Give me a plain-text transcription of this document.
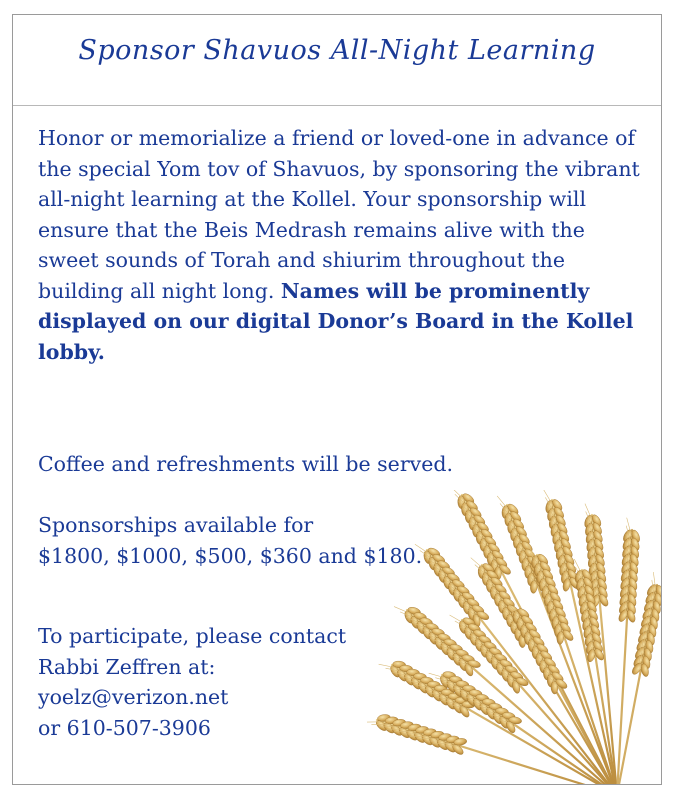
Sponsor Shavuos All-Night Learning

Honor or memorialize a friend or loved-one in advance of the special Yom tov of Shavuos, by sponsoring the vibrant all-night learning at the Kollel. Your sponsorship will ensure that the Beis Medrash remains alive with the sweet sounds of Torah and shiurim throughout the building all night long. Names will be prominently displayed on our digital Donor’s Board in the Kollel lobby.

Coffee and refreshments will be served.

Sponsorships available for
$1800, $1000, $500, $360 and $180.

To participate, please contact
Rabbi Zeffren at:
yoelz@verizon.net
or 610-507-3906
